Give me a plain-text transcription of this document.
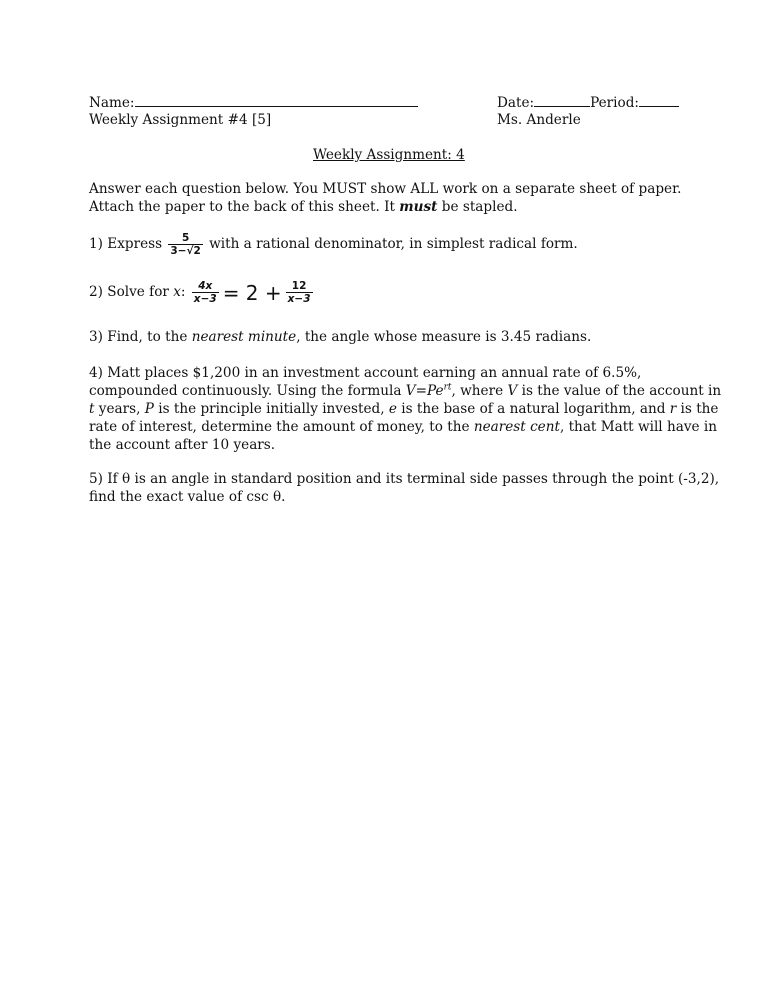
Name:
Weekly Assignment #4 [5]
Date:	Period:
Ms. Anderle
Weekly Assignment: 4
Answer each question below. You MUST show ALL work on a separate sheet of paper.
Attach the paper to the back of this sheet. It must be stapled.
1) Express $\frac{5}{3-√2}$ with a rational denominator, in simplest radical form.
2) Solve for x: $\frac{4x}{x-3} = 2 + \frac{12}{x-3}$
3) Find, to the nearest minute, the angle whose measure is 3.45 radians.
4) Matt places $1,200 in an investment account earning an annual rate of 6.5%,
compounded continuously. Using the formula $V=Pe^{rt}$, where V is the value of the account in
t years, P is the principle initially invested, e is the base of a natural logarithm, and r is the
rate of interest, determine the amount of money, to the nearest cent, that Matt will have in
the account after 10 years.
5) If θ is an angle in standard position and its terminal side passes through the point (-3,2),
find the exact value of csc θ.
